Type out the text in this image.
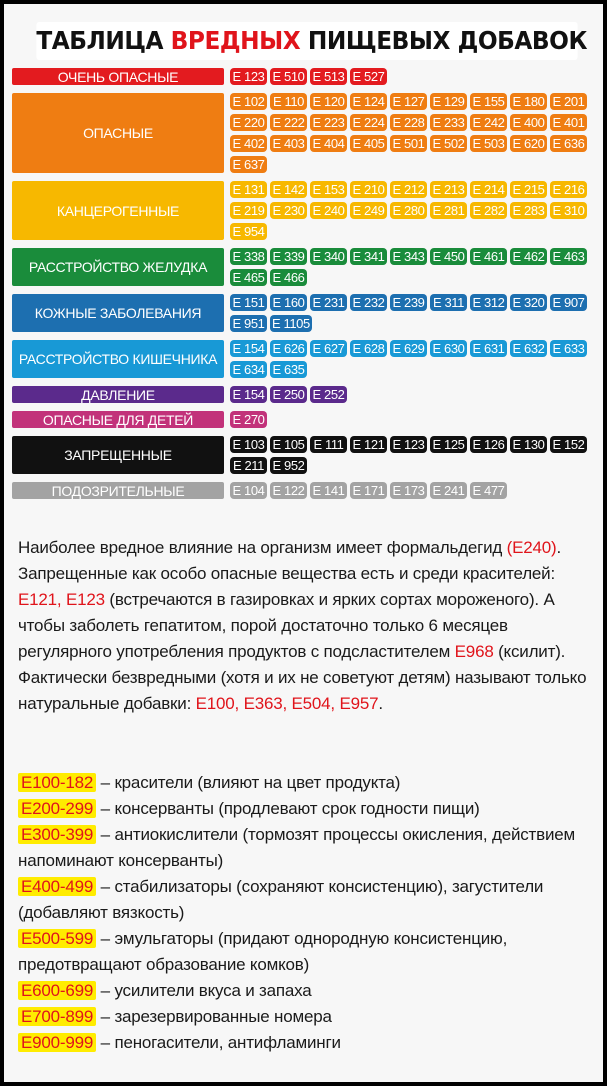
ТАБЛИЦА ВРЕДНЫХ ПИЩЕВЫХ ДОБАВОК
ОЧЕНЬ ОПАСНЫЕ	E 123 E 510 E 513 E 527
ОПАСНЫЕ
E 102 E 110 E 120 E 124 E 127 E 129 E 155 E 180 E 201
E 220 E 222 E 223 E 224 E 228 E 233 E 242 E 400 E 401
E 402 E 403 E 404 E 405 E 501 E 502 E 503 E 620 E 636
E 637
КАНЦЕРОГЕННЫЕ
E 131 E 142 E 153 E 210 E 212 E 213 E 214 E 215 E 216
E 219 E 230 E 240 E 249 E 280 E 281 E 282 E 283 E 310
E 954
РАССТРОЙСТВО ЖЕЛУДКА
E 338 E 339 E 340 E 341 E 343 E 450 E 461 E 462 E 463
E 465 E 466
КОЖНЫЕ ЗАБОЛЕВАНИЯ
E 151 E 160 E 231 E 232 E 239 E 311 E 312 E 320 E 907
E 951 E 1105
РАССТРОЙСТВО КИШЕЧНИКА
E 154 E 626 E 627 E 628 E 629 E 630 E 631 E 632 E 633
E 634 E 635
ДАВЛЕНИЕ	E 154 E 250 E 252
ОПАСНЫЕ ДЛЯ ДЕТЕЙ	E 270
ЗАПРЕЩЕННЫЕ
E 103 E 105 E 111 E 121 E 123 E 125 E 126 E 130 E 152
E 211 E 952
ПОДОЗРИТЕЛЬНЫЕ	E 104 E 122 E 141 E 171 E 173 E 241 E 477
Наиболее вредное влияние на организм имеет формальдегид (E240). Запрещенные как особо опасные вещества есть и среди красителей: E121, E123 (встречаются в газировках и ярких сортах мороженого). А чтобы заболеть гепатитом, порой достаточно только 6 месяцев регулярного употребления продуктов с подсластителем E968 (ксилит).
Фактически безвредными (хотя и их не советуют детям) называют только натуральные добавки: E100, E363, E504, E957.
E100-182 – красители (влияют на цвет продукта)
E200-299 – консерванты (продлевают срок годности пищи)
E300-399 – антиокислители (тормозят процессы окисления, действием напоминают консерванты)
E400-499 – стабилизаторы (сохраняют консистенцию), загустители (добавляют вязкость)
E500-599 – эмульгаторы (придают однородную консистенцию, предотвращают образование комков)
E600-699 – усилители вкуса и запаха
E700-899 – зарезервированные номера
E900-999 – пеногасители, антифламинги
